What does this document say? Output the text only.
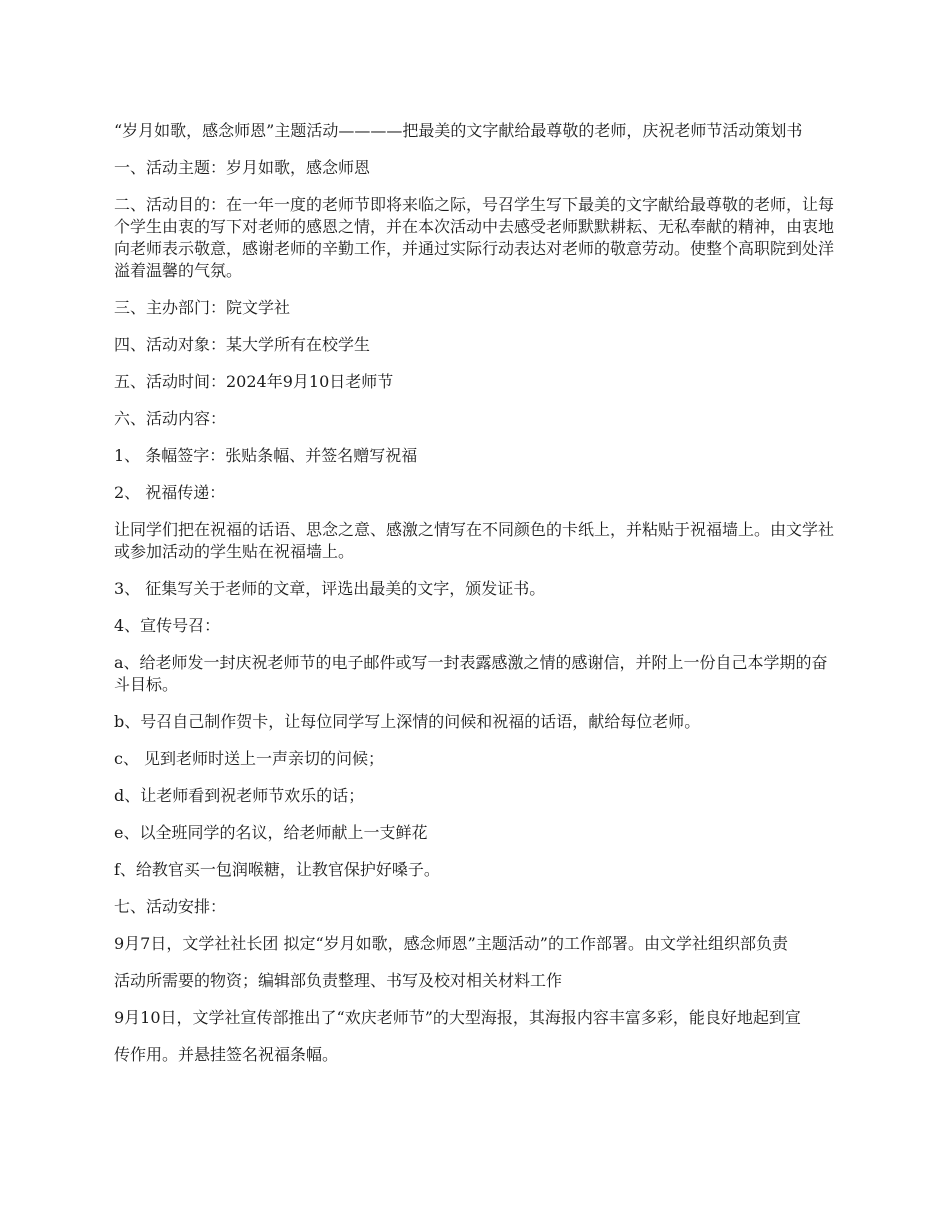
“岁月如歌，感念师恩”主题活动————把最美的文字献给最尊敬的老师，庆祝老师节活动策划书

一、活动主题：岁月如歌，感念师恩

二、活动目的：在一年一度的老师节即将来临之际，号召学生写下最美的文字献给最尊敬的老师，让每个学生由衷的写下对老师的感恩之情，并在本次活动中去感受老师默默耕耘、无私奉献的精神，由衷地向老师表示敬意，感谢老师的辛勤工作，并通过实际行动表达对老师的敬意劳动。使整个高职院到处洋溢着温馨的气氛。

三、主办部门：院文学社

四、活动对象：某大学所有在校学生

五、活动时间：2024年9月10日老师节

六、活动内容：

1、 条幅签字：张贴条幅、并签名赠写祝福

2、 祝福传递：

让同学们把在祝福的话语、思念之意、感激之情写在不同颜色的卡纸上，并粘贴于祝福墙上。由文学社或参加活动的学生贴在祝福墙上。

3、 征集写关于老师的文章，评选出最美的文字，颁发证书。

4、宣传号召：

a、给老师发一封庆祝老师节的电子邮件或写一封表露感激之情的感谢信，并附上一份自己本学期的奋斗目标。

b、号召自己制作贺卡，让每位同学写上深情的问候和祝福的话语，献给每位老师。

c、 见到老师时送上一声亲切的问候；

d、让老师看到祝老师节欢乐的话；

e、以全班同学的名议，给老师献上一支鲜花

f、给教官买一包润喉糖，让教官保护好嗓子。

七、活动安排：

9月7日，文学社社长团 拟定“岁月如歌，感念师恩”主题活动”的工作部署。由文学社组织部负责

活动所需要的物资；编辑部负责整理、书写及校对相关材料工作

9月10日，文学社宣传部推出了“欢庆老师节”的大型海报，其海报内容丰富多彩，能良好地起到宣

传作用。并悬挂签名祝福条幅。
